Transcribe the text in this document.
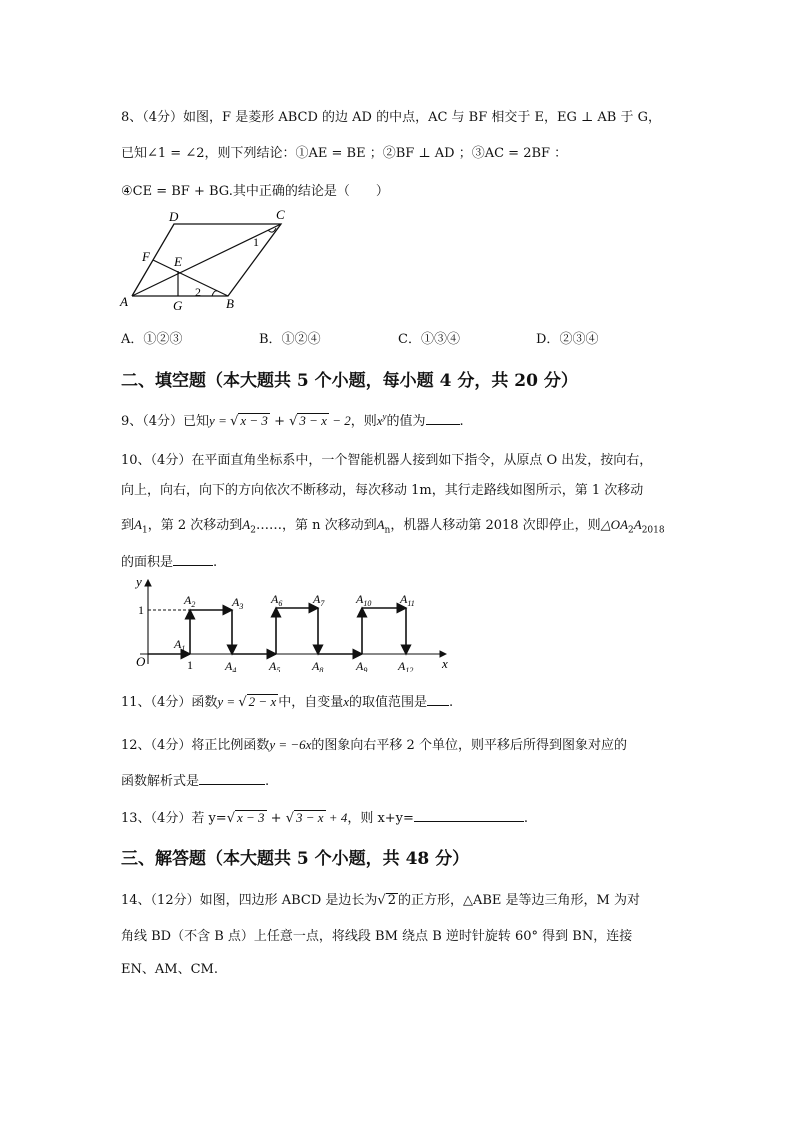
8、（4分）如图，F 是菱形 ABCD 的边 AD 的中点，AC 与 BF 相交于 E，EG ⊥ AB 于 G，
已知∠1 = ∠2，则下列结论：①AE = BE ；②BF ⊥ AD ；③AC = 2BF ：
④CE = BF + BG.其中正确的结论是（　　）
D	C
F E
A	G	B
1
2
A．①②③	B．①②④	C．①③④	D．②③④
二、填空题（本大题共 5 个小题，每小题 4 分，共 20 分）
9、（4分）已知y = √ x − 3 + √ 3 − x − 2，则$x^y$的值为	.
10、（4分）在平面直角坐标系中，一个智能机器人接到如下指令，从原点 O 出发，按向右，
向上，向右，向下的方向依次不断移动，每次移动 1m，其行走路线如图所示，第 1 次移动
到$A_1$，第 2 次移动到$A_2\dots\dots$，第 n 次移动到$A_n$，机器人移动第 2018 次即停止，则$\triangle OA_2A_{2018}$
的面积是	.
y
x
O
1
1
$A_1$
$A_2$	$A_3$
$A_4$	$A_5$
$A_6$	$A_7$
$A_8$	$A_9$
$A_{10}$ $A_{11}$
$A_{12}$
11、（4分）函数y = √ 2 − x 中，自变量x的取值范围是 .
12、（4分）将正比例函数y = −6x的图象向右平移 2 个单位，则平移后所得到图象对应的
函数解析式是	.
13、（4分）若 y=√ x − 3 + √ 3 − x + 4，则 x+y=	.
三、解答题（本大题共 5 个小题，共 48 分）
14、（12分）如图，四边形 ABCD 是边长为√ 2 的正方形，△ABE 是等边三角形，M 为对
角线 BD（不含 B 点）上任意一点，将线段 BM 绕点 B 逆时针旋转 60° 得到 BN，连接
EN、AM、CM.
